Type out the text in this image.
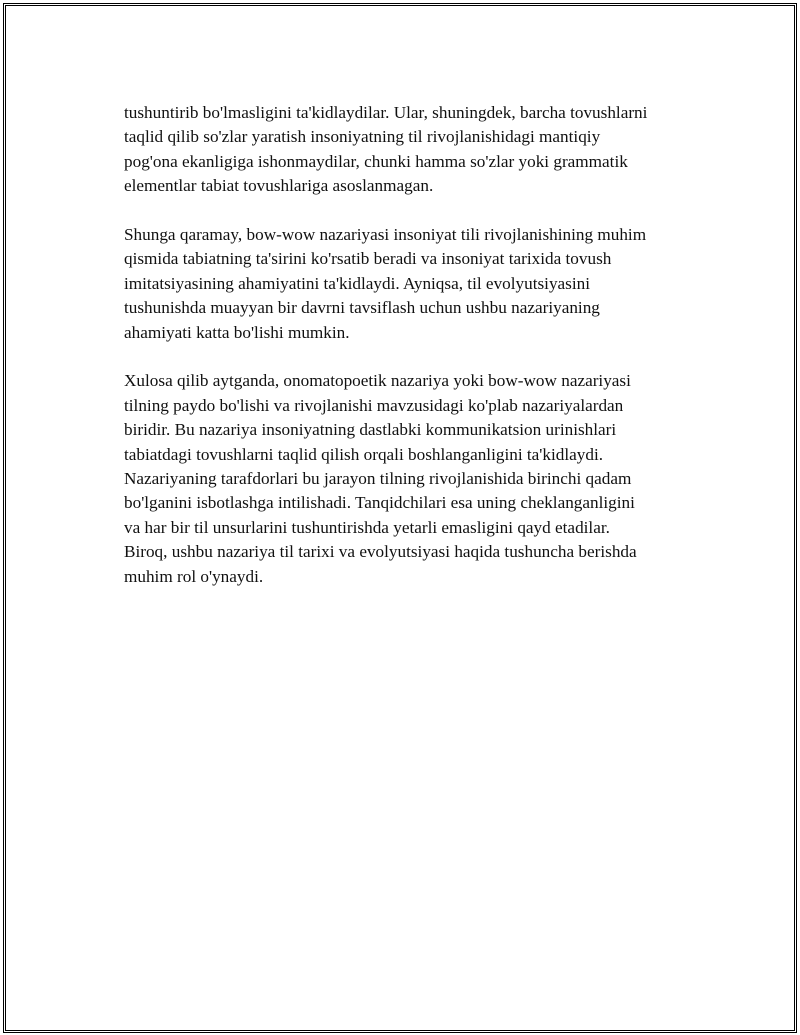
tushuntirib bo'lmasligini ta'kidlaydilar. Ular, shuningdek, barcha tovushlarni
taqlid qilib so'zlar yaratish insoniyatning til rivojlanishidagi mantiqiy
pog'ona ekanligiga ishonmaydilar, chunki hamma so'zlar yoki grammatik
elementlar tabiat tovushlariga asoslanmagan.

Shunga qaramay, bow-wow nazariyasi insoniyat tili rivojlanishining muhim
qismida tabiatning ta'sirini ko'rsatib beradi va insoniyat tarixida tovush
imitatsiyasining ahamiyatini ta'kidlaydi. Ayniqsa, til evolyutsiyasini
tushunishda muayyan bir davrni tavsiflash uchun ushbu nazariyaning
ahamiyati katta bo'lishi mumkin.

Xulosa qilib aytganda, onomatopoetik nazariya yoki bow-wow nazariyasi
tilning paydo bo'lishi va rivojlanishi mavzusidagi ko'plab nazariyalardan
biridir. Bu nazariya insoniyatning dastlabki kommunikatsion urinishlari
tabiatdagi tovushlarni taqlid qilish orqali boshlanganligini ta'kidlaydi.
Nazariyaning tarafdorlari bu jarayon tilning rivojlanishida birinchi qadam
bo'lganini isbotlashga intilishadi. Tanqidchilari esa uning cheklanganligini
va har bir til unsurlarini tushuntirishda yetarli emasligini qayd etadilar.
Biroq, ushbu nazariya til tarixi va evolyutsiyasi haqida tushuncha berishda
muhim rol o'ynaydi.
